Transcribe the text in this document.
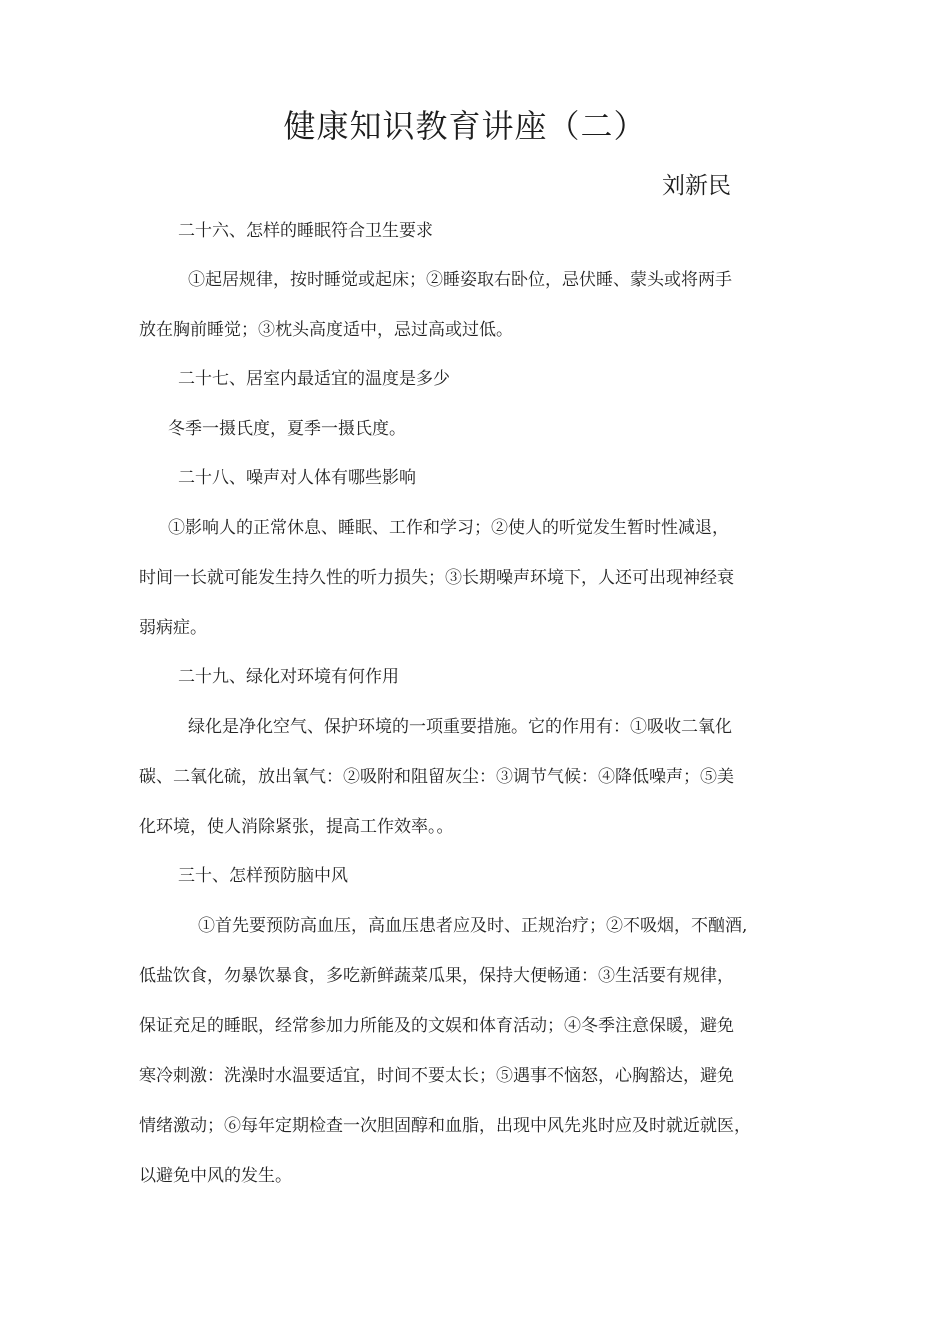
健康知识教育讲座（二）
刘新民
二十六、怎样的睡眠符合卫生要求
①起居规律，按时睡觉或起床；②睡姿取右卧位，忌伏睡、蒙头或将两手
放在胸前睡觉；③枕头高度适中，忌过高或过低。
二十七、居室内最适宜的温度是多少
冬季一摄氏度，夏季一摄氏度。
二十八、噪声对人体有哪些影响
①影响人的正常休息、睡眠、工作和学习；②使人的听觉发生暂时性减退，
时间一长就可能发生持久性的听力损失；③长期噪声环境下，人还可出现神经衰
弱病症。
二十九、绿化对环境有何作用
绿化是净化空气、保护环境的一项重要措施。它的作用有：①吸收二氧化
碳、二氧化硫，放出氧气：②吸附和阻留灰尘：③调节气候：④降低噪声；⑤美
化环境，使人消除紧张，提高工作效率。。
三十、怎样预防脑中风
①首先要预防高血压，高血压患者应及时、正规治疗；②不吸烟，不酗酒,
低盐饮食，勿暴饮暴食，多吃新鲜蔬菜瓜果，保持大便畅通：③生活要有规律，
保证充足的睡眠，经常参加力所能及的文娱和体育活动；④冬季注意保暖，避免
寒冷刺激：洗澡时水温要适宜，时间不要太长；⑤遇事不恼怒，心胸豁达，避免
情绪激动；⑥每年定期检查一次胆固醇和血脂，出现中风先兆时应及时就近就医，
以避免中风的发生。
